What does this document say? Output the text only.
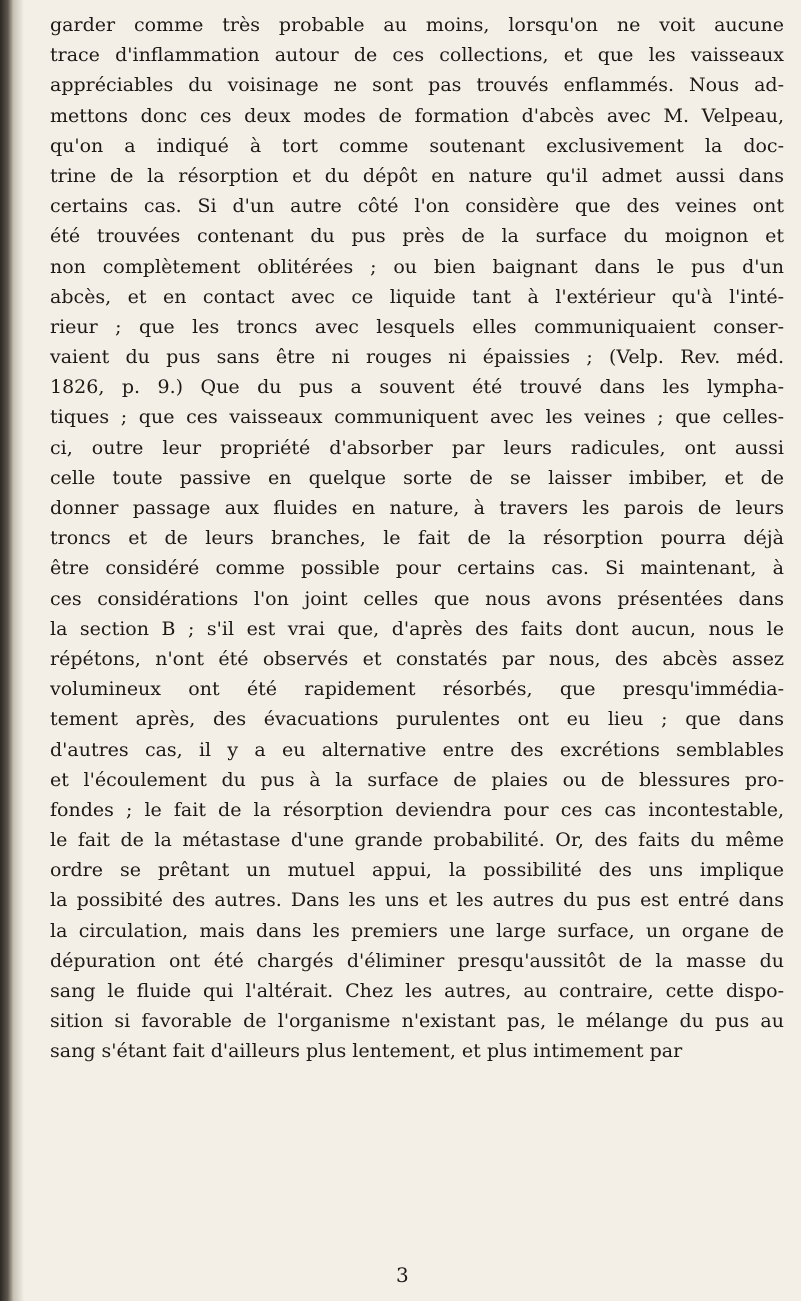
garder comme très probable au moins, lorsqu'on ne voit aucune
trace d'inflammation autour de ces collections, et que les vaisseaux
appréciables du voisinage ne sont pas trouvés enflammés. Nous ad-
mettons donc ces deux modes de formation d'abcès avec M. Velpeau,
qu'on a indiqué à tort comme soutenant exclusivement la doc-
trine de la résorption et du dépôt en nature qu'il admet aussi dans
certains cas. Si d'un autre côté l'on considère que des veines ont
été trouvées contenant du pus près de la surface du moignon et
non complètement oblitérées ; ou bien baignant dans le pus d'un
abcès, et en contact avec ce liquide tant à l'extérieur qu'à l'inté-
rieur ; que les troncs avec lesquels elles communiquaient conser-
vaient du pus sans être ni rouges ni épaissies ; (Velp. Rev. méd.
1826, p. 9.) Que du pus a souvent été trouvé dans les lympha-
tiques ; que ces vaisseaux communiquent avec les veines ; que celles-
ci, outre leur propriété d'absorber par leurs radicules, ont aussi
celle toute passive en quelque sorte de se laisser imbiber, et de
donner passage aux fluides en nature, à travers les parois de leurs
troncs et de leurs branches, le fait de la résorption pourra déjà
être considéré comme possible pour certains cas. Si maintenant, à
ces considérations l'on joint celles que nous avons présentées dans
la section B ; s'il est vrai que, d'après des faits dont aucun, nous le
répétons, n'ont été observés et constatés par nous, des abcès assez
volumineux ont été rapidement résorbés, que presqu'immédia-
tement après, des évacuations purulentes ont eu lieu ; que dans
d'autres cas, il y a eu alternative entre des excrétions semblables
et l'écoulement du pus à la surface de plaies ou de blessures pro-
fondes ; le fait de la résorption deviendra pour ces cas incontestable,
le fait de la métastase d'une grande probabilité. Or, des faits du même
ordre se prêtant un mutuel appui, la possibilité des uns implique
la possibité des autres. Dans les uns et les autres du pus est entré dans
la circulation, mais dans les premiers une large surface, un organe de
dépuration ont été chargés d'éliminer presqu'aussitôt de la masse du
sang le fluide qui l'altérait. Chez les autres, au contraire, cette dispo-
sition si favorable de l'organisme n'existant pas, le mélange du pus au
sang s'étant fait d'ailleurs plus lentement, et plus intimement par
3
